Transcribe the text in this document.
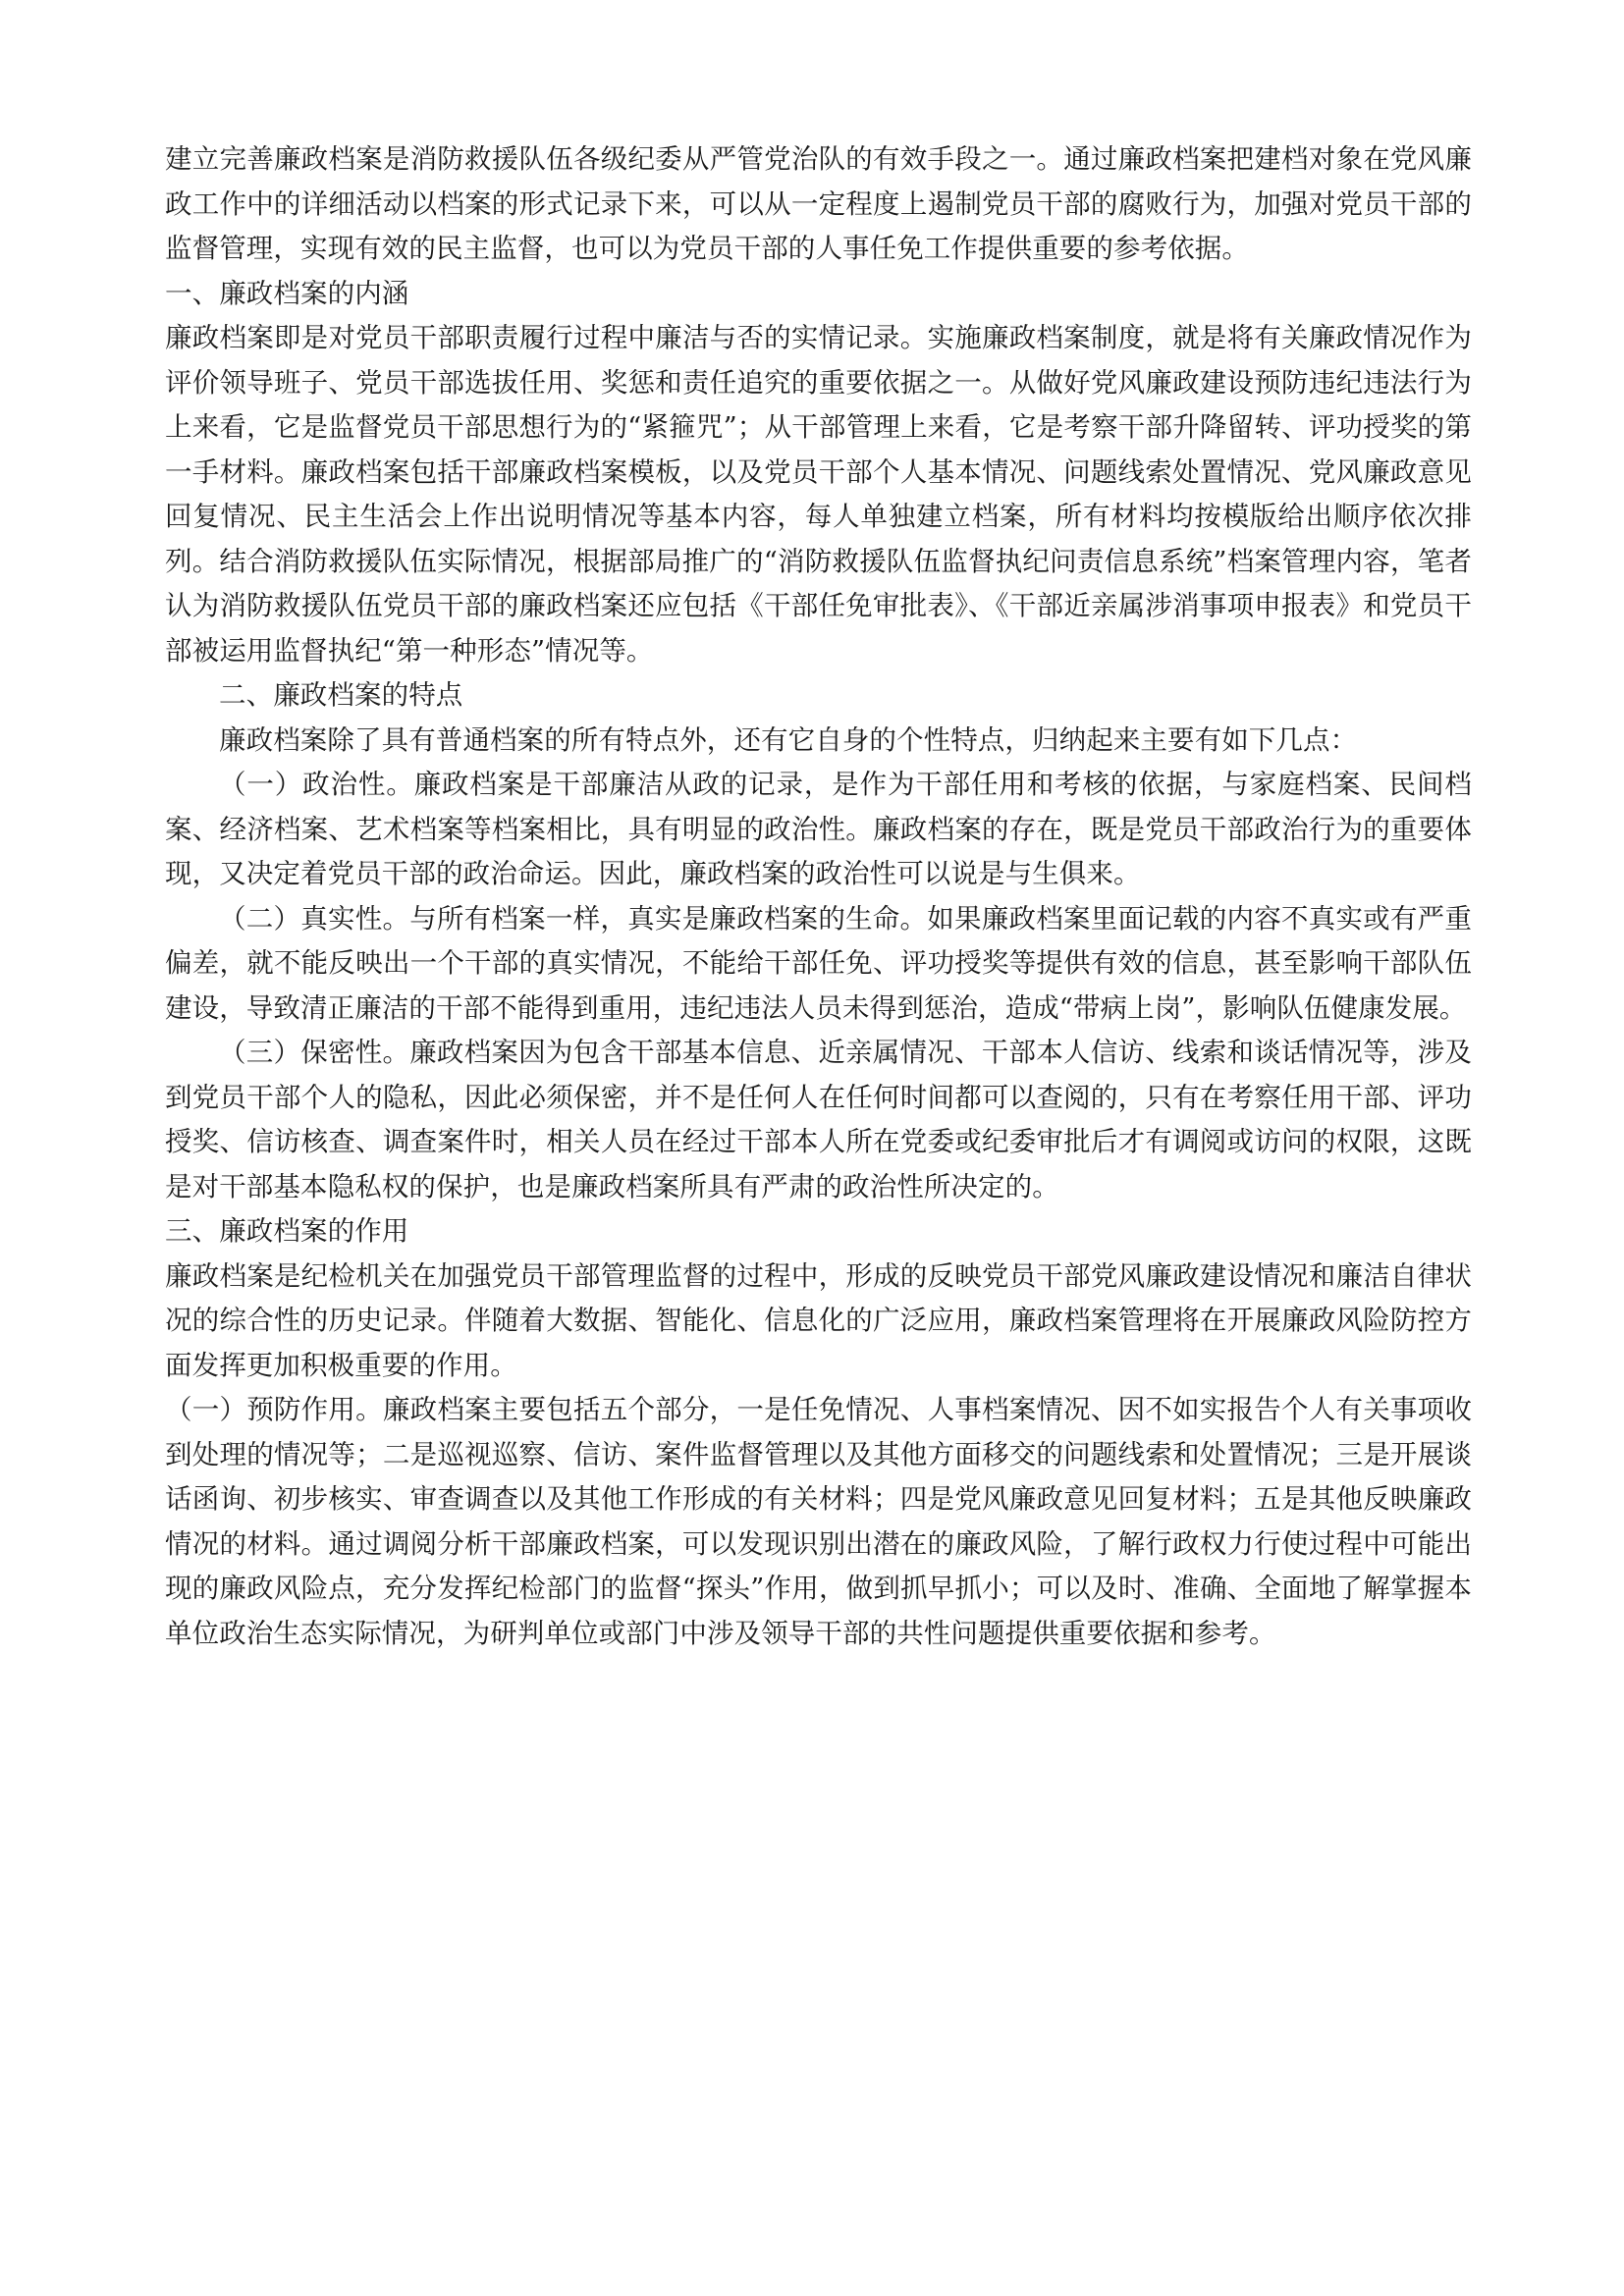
建立完善廉政档案是消防救援队伍各级纪委从严管党治队的有效手段之一。通过廉政档案把建档对象在党风廉政工作中的详细活动以档案的形式记录下来，可以从一定程度上遏制党员干部的腐败行为，加强对党员干部的监督管理，实现有效的民主监督，也可以为党员干部的人事任免工作提供重要的参考依据。

一、廉政档案的内涵

廉政档案即是对党员干部职责履行过程中廉洁与否的实情记录。实施廉政档案制度，就是将有关廉政情况作为评价领导班子、党员干部选拔任用、奖惩和责任追究的重要依据之一。从做好党风廉政建设预防违纪违法行为上来看，它是监督党员干部思想行为的“紧箍咒”；从干部管理上来看，它是考察干部升降留转、评功授奖的第一手材料。廉政档案包括干部廉政档案模板，以及党员干部个人基本情况、问题线索处置情况、党风廉政意见回复情况、民主生活会上作出说明情况等基本内容，每人单独建立档案，所有材料均按模版给出顺序依次排列。结合消防救援队伍实际情况，根据部局推广的“消防救援队伍监督执纪问责信息系统”档案管理内容，笔者认为消防救援队伍党员干部的廉政档案还应包括《干部任免审批表》、《干部近亲属涉消事项申报表》和党员干部被运用监督执纪“第一种形态”情况等。

二、廉政档案的特点

廉政档案除了具有普通档案的所有特点外，还有它自身的个性特点，归纳起来主要有如下几点：

（一）政治性。廉政档案是干部廉洁从政的记录，是作为干部任用和考核的依据，与家庭档案、民间档案、经济档案、艺术档案等档案相比，具有明显的政治性。廉政档案的存在，既是党员干部政治行为的重要体现，又决定着党员干部的政治命运。因此，廉政档案的政治性可以说是与生俱来。

（二）真实性。与所有档案一样，真实是廉政档案的生命。如果廉政档案里面记载的内容不真实或有严重偏差，就不能反映出一个干部的真实情况，不能给干部任免、评功授奖等提供有效的信息，甚至影响干部队伍建设，导致清正廉洁的干部不能得到重用，违纪违法人员未得到惩治，造成“带病上岗”，影响队伍健康发展。

（三）保密性。廉政档案因为包含干部基本信息、近亲属情况、干部本人信访、线索和谈话情况等，涉及到党员干部个人的隐私，因此必须保密，并不是任何人在任何时间都可以查阅的，只有在考察任用干部、评功授奖、信访核查、调查案件时，相关人员在经过干部本人所在党委或纪委审批后才有调阅或访问的权限，这既是对干部基本隐私权的保护，也是廉政档案所具有严肃的政治性所决定的。

三、廉政档案的作用

廉政档案是纪检机关在加强党员干部管理监督的过程中，形成的反映党员干部党风廉政建设情况和廉洁自律状况的综合性的历史记录。伴随着大数据、智能化、信息化的广泛应用，廉政档案管理将在开展廉政风险防控方面发挥更加积极重要的作用。

（一）预防作用。廉政档案主要包括五个部分，一是任免情况、人事档案情况、因不如实报告个人有关事项收到处理的情况等；二是巡视巡察、信访、案件监督管理以及其他方面移交的问题线索和处置情况；三是开展谈话函询、初步核实、审查调查以及其他工作形成的有关材料；四是党风廉政意见回复材料；五是其他反映廉政情况的材料。通过调阅分析干部廉政档案，可以发现识别出潜在的廉政风险，了解行政权力行使过程中可能出现的廉政风险点，充分发挥纪检部门的监督“探头”作用，做到抓早抓小；可以及时、准确、全面地了解掌握本单位政治生态实际情况，为研判单位或部门中涉及领导干部的共性问题提供重要依据和参考。
